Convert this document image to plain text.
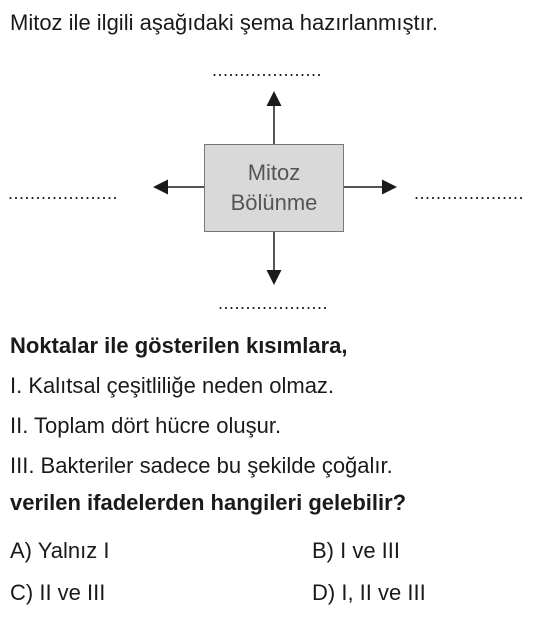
Mitoz ile ilgili aşağıdaki şema hazırlanmıştır.
Mitoz
Bölünme
....................
....................
....................	....................
Noktalar ile gösterilen kısımlara,
I. Kalıtsal çeşitliliğe neden olmaz.
II. Toplam dört hücre oluşur.
III. Bakteriler sadece bu şekilde çoğalır.
verilen ifadelerden hangileri gelebilir?
A) Yalnız I	B) I ve III
C) II ve III	D) I, II ve III
